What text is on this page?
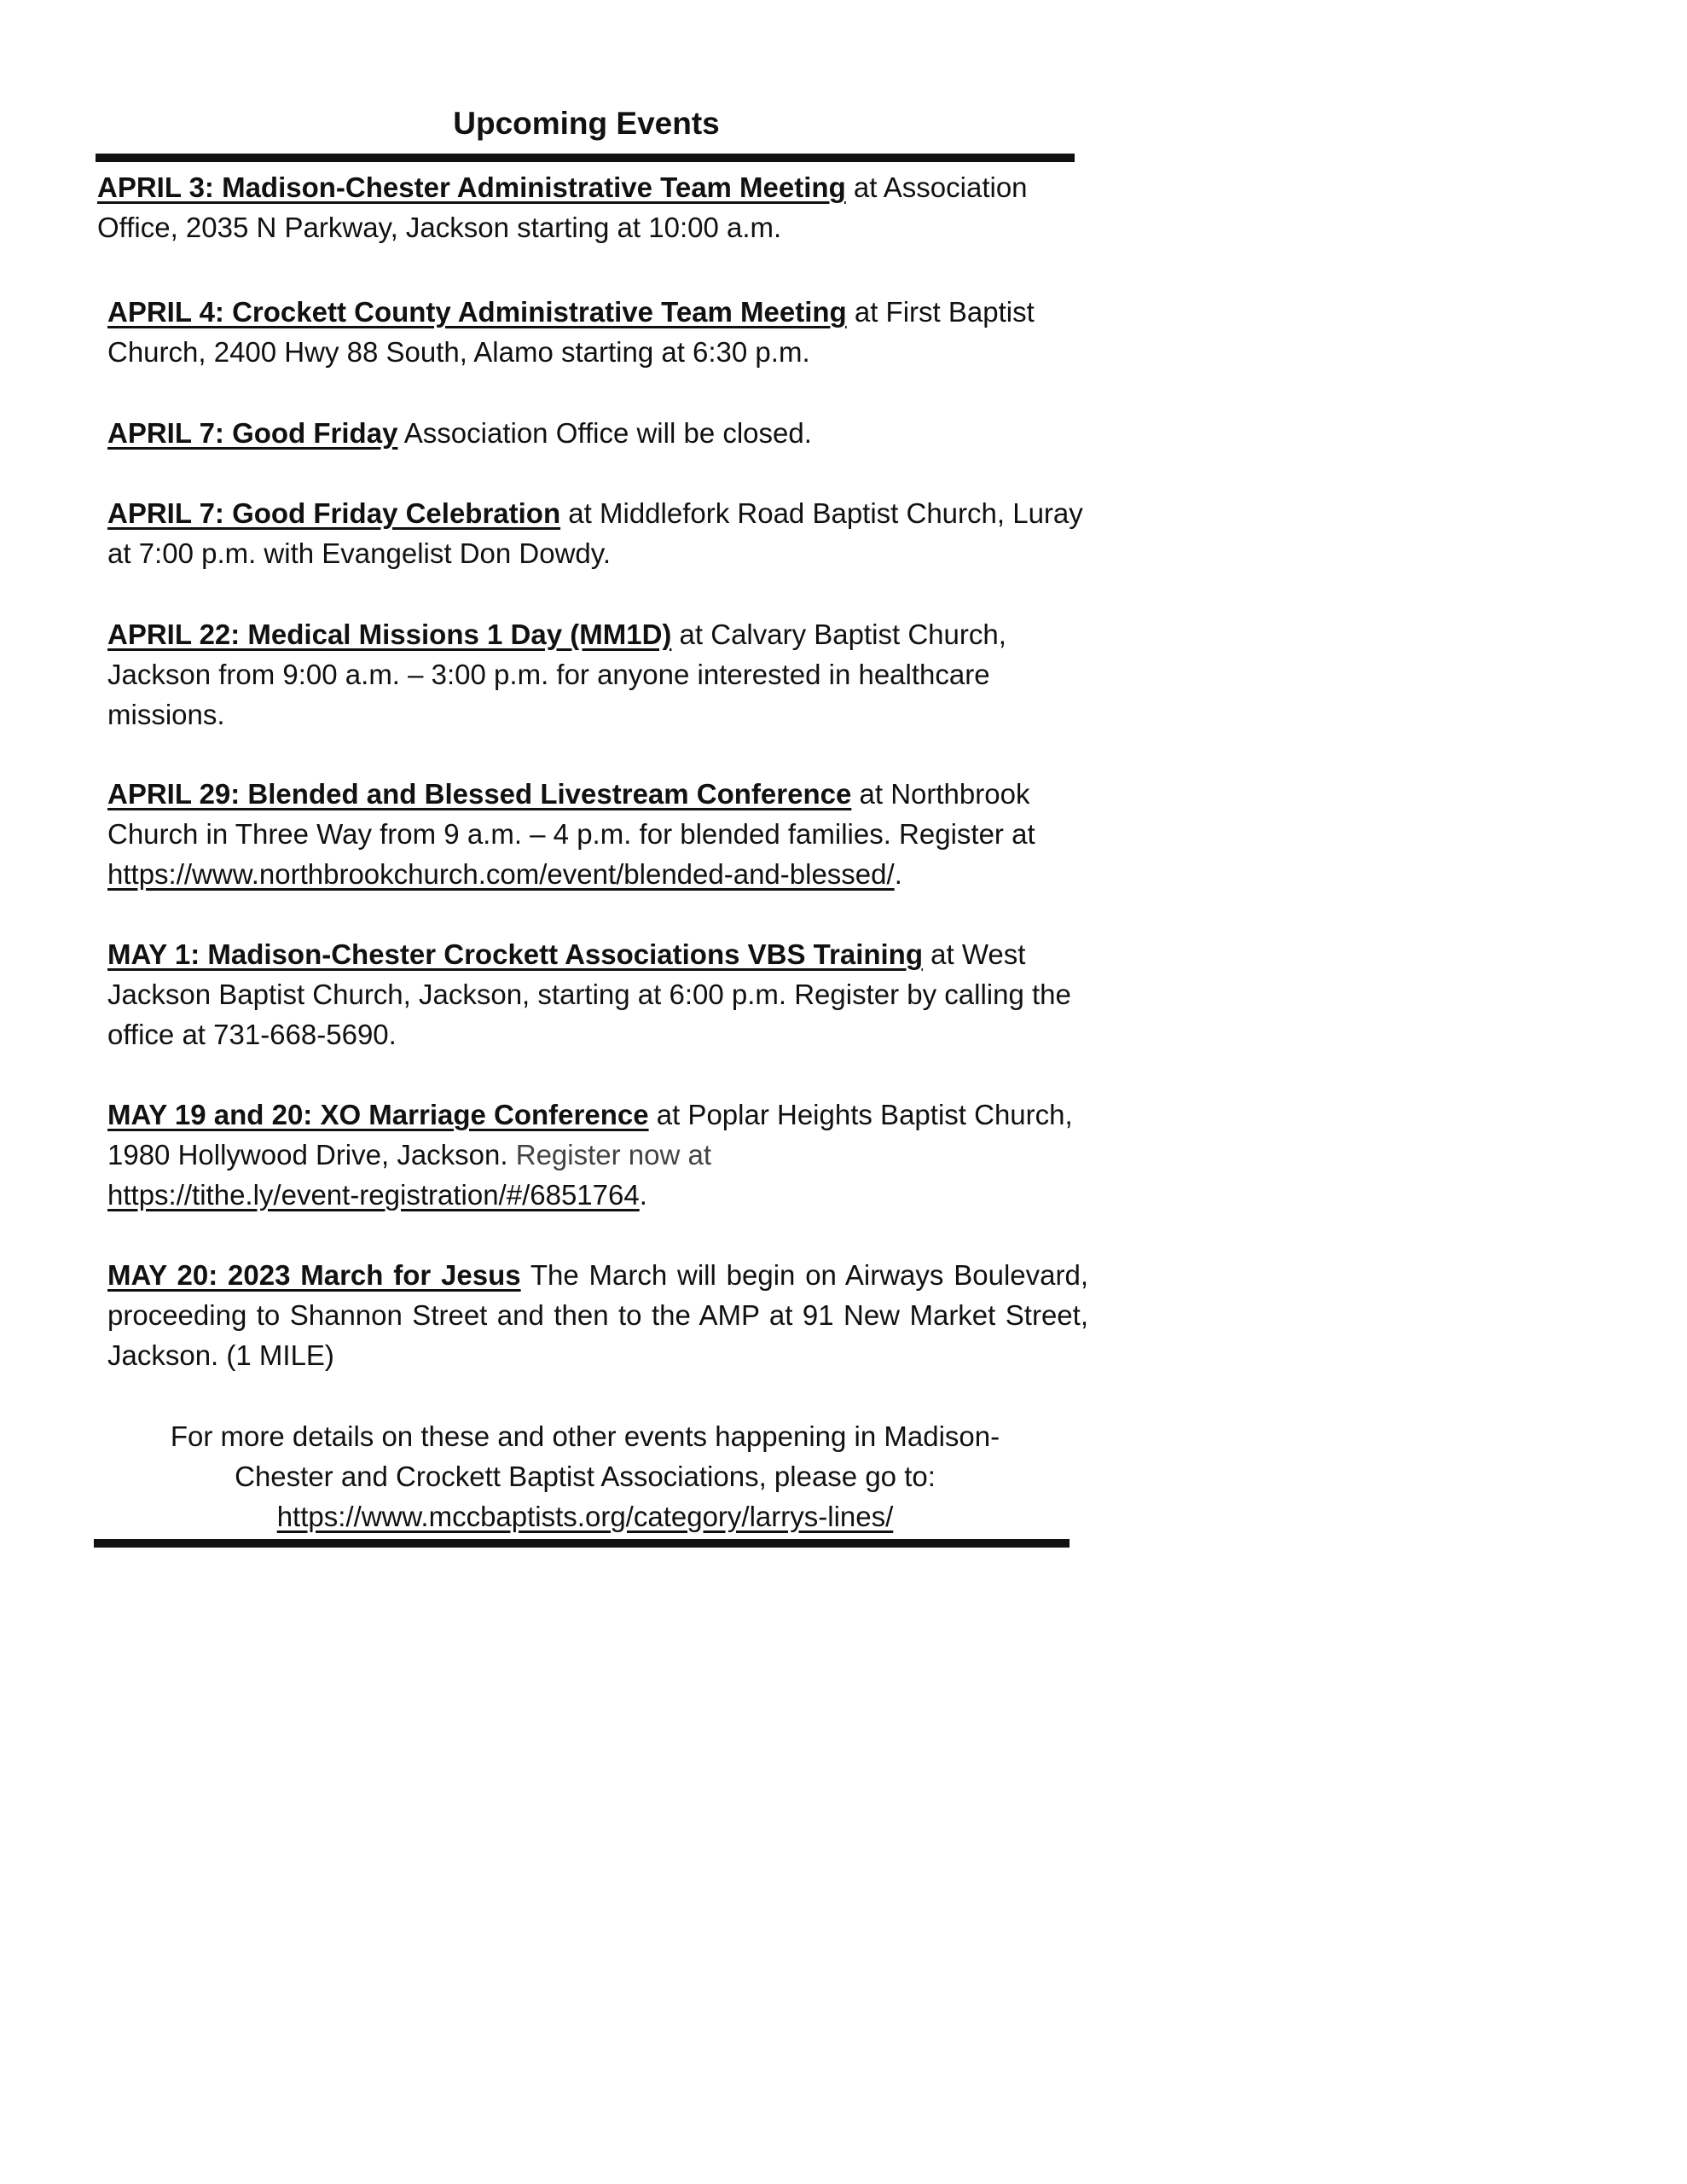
Upcoming Events
APRIL 3: Madison-Chester Administrative Team Meeting at Association Office, 2035 N Parkway, Jackson starting at 10:00 a.m.
APRIL 4: Crockett County Administrative Team Meeting at First Baptist Church, 2400 Hwy 88 South, Alamo starting at 6:30 p.m.
APRIL 7: Good Friday Association Office will be closed.
APRIL 7: Good Friday Celebration at Middlefork Road Baptist Church, Luray at 7:00 p.m. with Evangelist Don Dowdy.
APRIL 22: Medical Missions 1 Day (MM1D) at Calvary Baptist Church, Jackson from 9:00 a.m. – 3:00 p.m. for anyone interested in healthcare missions.
APRIL 29: Blended and Blessed Livestream Conference at Northbrook Church in Three Way from 9 a.m. – 4 p.m. for blended families. Register at https://www.northbrookchurch.com/event/blended-and-blessed/.
MAY 1: Madison-Chester Crockett Associations VBS Training at West Jackson Baptist Church, Jackson, starting at 6:00 p.m. Register by calling the office at 731-668-5690.
MAY 19 and 20: XO Marriage Conference at Poplar Heights Baptist Church, 1980 Hollywood Drive, Jackson. Register now at
https://tithe.ly/event-registration/#/6851764.
MAY 20: 2023 March for Jesus The March will begin on Airways Boulevard, proceeding to Shannon Street and then to the AMP at 91 New Market Street, Jackson. (1 MILE)
For more details on these and other events happening in Madison-
Chester and Crockett Baptist Associations, please go to:
https://www.mccbaptists.org/category/larrys-lines/
